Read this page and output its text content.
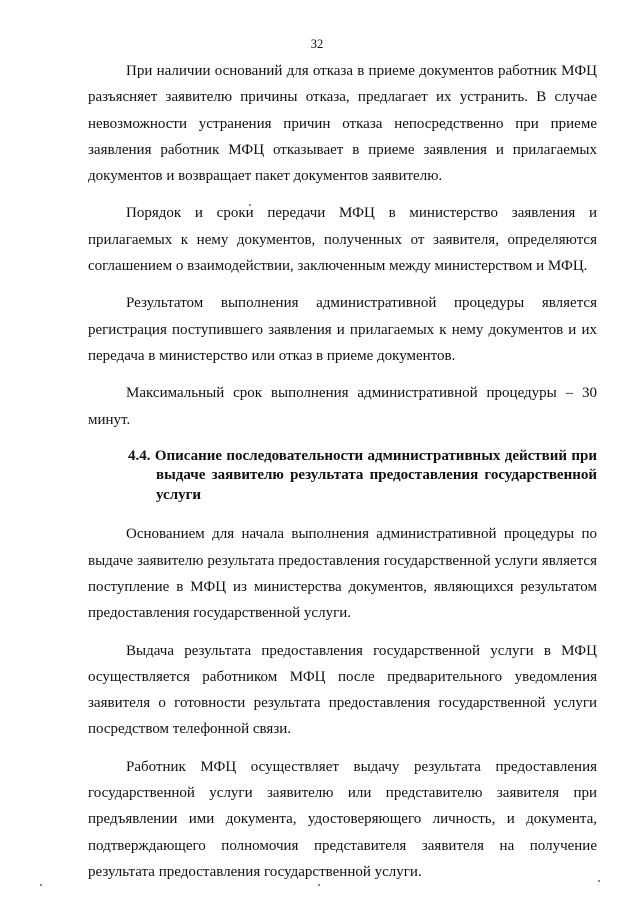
32

При наличии оснований для отказа в приеме документов работник МФЦ разъясняет заявителю причины отказа, предлагает их устранить. В случае невозможности устранения причин отказа непосредственно при приеме заявления работник МФЦ отказывает в приеме заявления и прилагаемых документов и возвращает пакет документов заявителю.

Порядок и сроки передачи МФЦ в министерство заявления и прилагаемых к нему документов, полученных от заявителя, определяются соглашением о взаимодействии, заключенным между министерством и МФЦ.

Результатом выполнения административной процедуры является регистрация поступившего заявления и прилагаемых к нему документов и их передача в министерство или отказ в приеме документов.

Максимальный срок выполнения административной процедуры – 30 минут.

4.4. Описание последовательности административных действий при выдаче заявителю результата предоставления государственной услуги

Основанием для начала выполнения административной процедуры по выдаче заявителю результата предоставления государственной услуги является поступление в МФЦ из министерства документов, являющихся результатом предоставления государственной услуги.

Выдача результата предоставления государственной услуги в МФЦ осуществляется работником МФЦ после предварительного уведомления заявителя о готовности результата предоставления государственной услуги посредством телефонной связи.

Работник МФЦ осуществляет выдачу результата предоставления государственной услуги заявителю или представителю заявителя при предъявлении ими документа, удостоверяющего личность, и документа, подтверждающего полномочия представителя заявителя на получение результата предоставления государственной услуги.
